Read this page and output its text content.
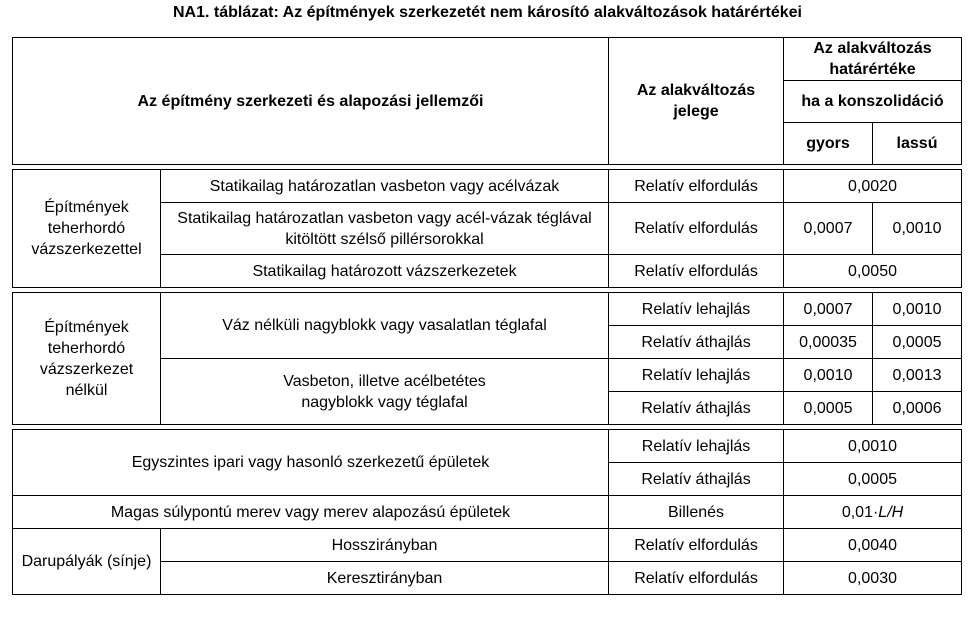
NA1. táblázat: Az építmények szerkezetét nem károsító alakváltozások határértékei
Az építmény szerkezeti és alapozási jellemzői		Az alakváltozás jelege	Az alakváltozás határértéke	
			ha a konszolidáció	
			gyors	lassú

Építmények teherhordó vázszerkezettel	Statikailag határozatlan vasbeton vagy acélvázak	Relatív elfordulás	0,0020	
	Statikailag határozatlan vasbeton vagy acél-vázak téglával kitöltött szélső pillérsorokkal	Relatív elfordulás	0,0007	0,0010
	Statikailag határozott vázszerkezetek	Relatív elfordulás	0,0050	

Építmények teherhordó vázszerkezet nélkül	Váz nélküli nagyblokk vagy vasalatlan téglafal	Relatív lehajlás	0,0007	0,0010
		Relatív áthajlás	0,00035	0,0005
	Vasbeton, illetve acélbetétes nagyblokk vagy téglafal	Relatív lehajlás	0,0010	0,0013
		Relatív áthajlás	0,0005	0,0006

Egyszintes ipari vagy hasonló szerkezetű épületek		Relatív lehajlás	0,0010	
		Relatív áthajlás	0,0005	
Magas súlypontú merev vagy merev alapozású épületek		Billenés	0,01·L/H	
Darupályák (sínje)	Hosszirányban	Relatív elfordulás	0,0040	
	Keresztirányban	Relatív elfordulás	0,0030	
